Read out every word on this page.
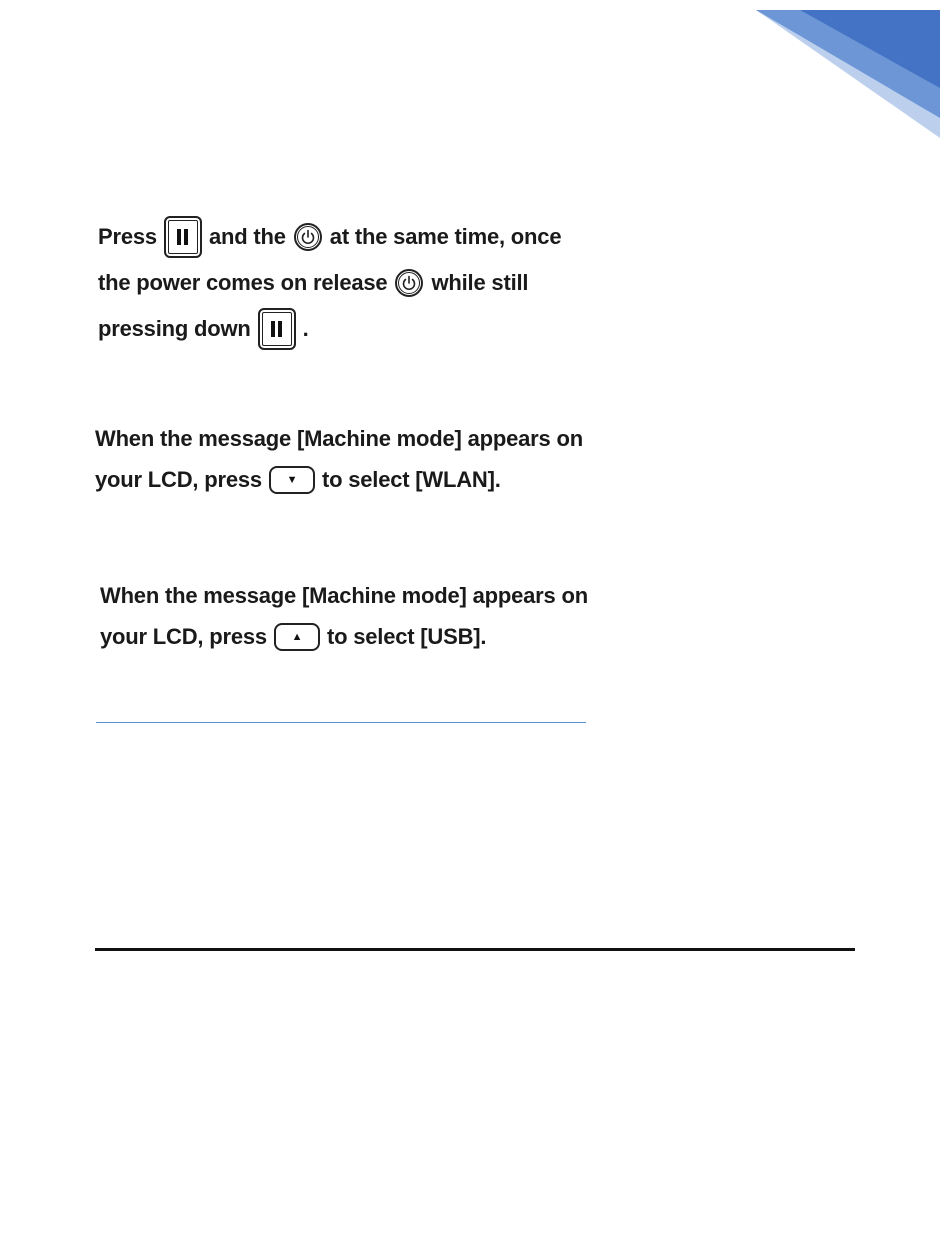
Press and the at the same time, once
the power comes on release while still
pressing down .
When the message [Machine mode] appears on
your LCD, press	▼	to select [WLAN].
When the message [Machine mode] appears on
your LCD, press	▲	to select [USB].
